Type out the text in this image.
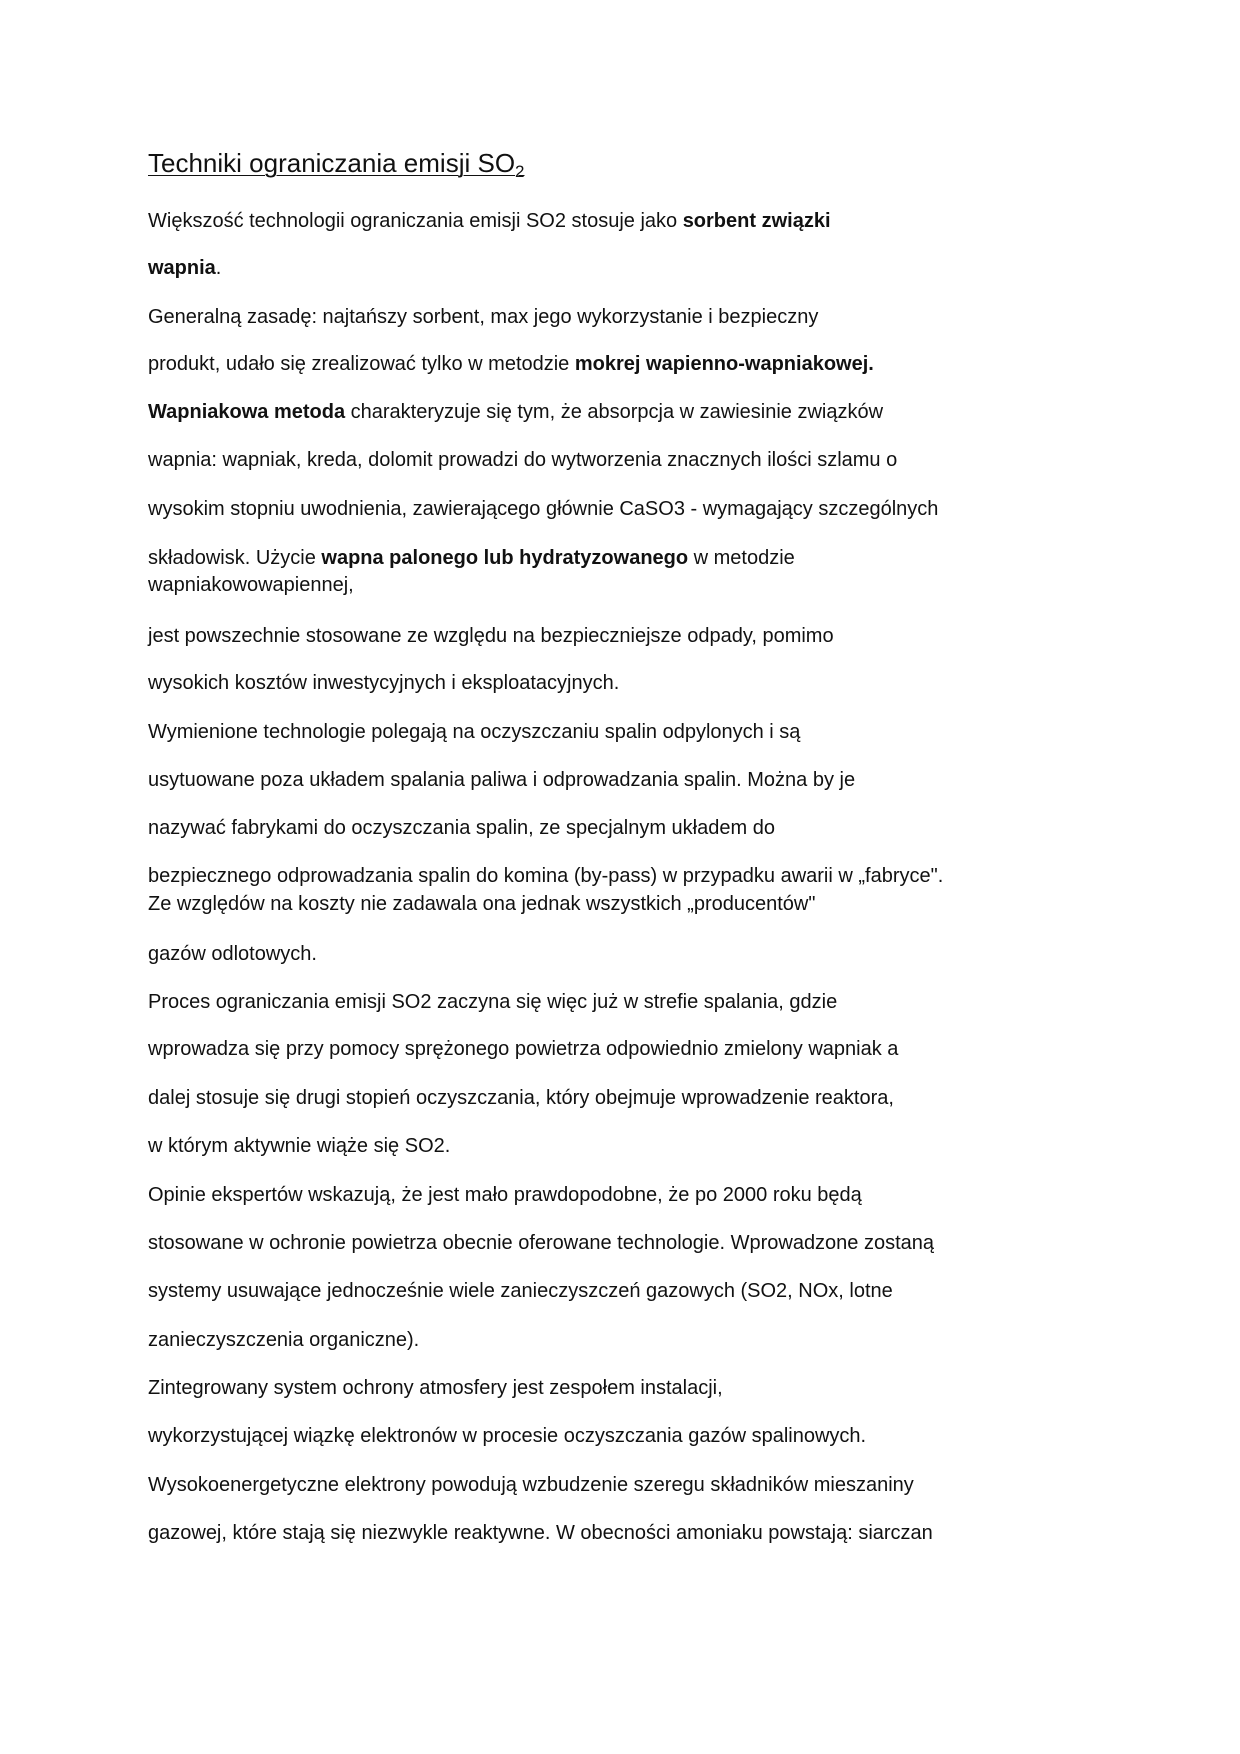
Techniki ograniczania emisji $SO_2$
Większość technologii ograniczania emisji SO2 stosuje jako sorbent związki
wapnia.
Generalną zasadę: najtańszy sorbent, max jego wykorzystanie i bezpieczny
produkt, udało się zrealizować tylko w metodzie mokrej wapienno-wapniakowej.
Wapniakowa metoda charakteryzuje się tym, że absorpcja w zawiesinie związków
wapnia: wapniak, kreda, dolomit prowadzi do wytworzenia znacznych ilości szlamu o
wysokim stopniu uwodnienia, zawierającego głównie CaSO3 - wymagający szczególnych
składowisk. Użycie wapna palonego lub hydratyzowanego w metodzie
wapniakowowapiennej,
jest powszechnie stosowane ze względu na bezpieczniejsze odpady, pomimo
wysokich kosztów inwestycyjnych i eksploatacyjnych.
Wymienione technologie polegają na oczyszczaniu spalin odpylonych i są
usytuowane poza układem spalania paliwa i odprowadzania spalin. Można by je
nazywać fabrykami do oczyszczania spalin, ze specjalnym układem do
bezpiecznego odprowadzania spalin do komina (by-pass) w przypadku awarii w „fabryce".
Ze względów na koszty nie zadawala ona jednak wszystkich „producentów"
gazów odlotowych.
Proces ograniczania emisji SO2 zaczyna się więc już w strefie spalania, gdzie
wprowadza się przy pomocy sprężonego powietrza odpowiednio zmielony wapniak a
dalej stosuje się drugi stopień oczyszczania, który obejmuje wprowadzenie reaktora,
w którym aktywnie wiąże się SO2.
Opinie ekspertów wskazują, że jest mało prawdopodobne, że po 2000 roku będą
stosowane w ochronie powietrza obecnie oferowane technologie. Wprowadzone zostaną
systemy usuwające jednocześnie wiele zanieczyszczeń gazowych (SO2, NOx, lotne
zanieczyszczenia organiczne).
Zintegrowany system ochrony atmosfery jest zespołem instalacji,
wykorzystującej wiązkę elektronów w procesie oczyszczania gazów spalinowych.
Wysokoenergetyczne elektrony powodują wzbudzenie szeregu składników mieszaniny
gazowej, które stają się niezwykle reaktywne. W obecności amoniaku powstają: siarczan
